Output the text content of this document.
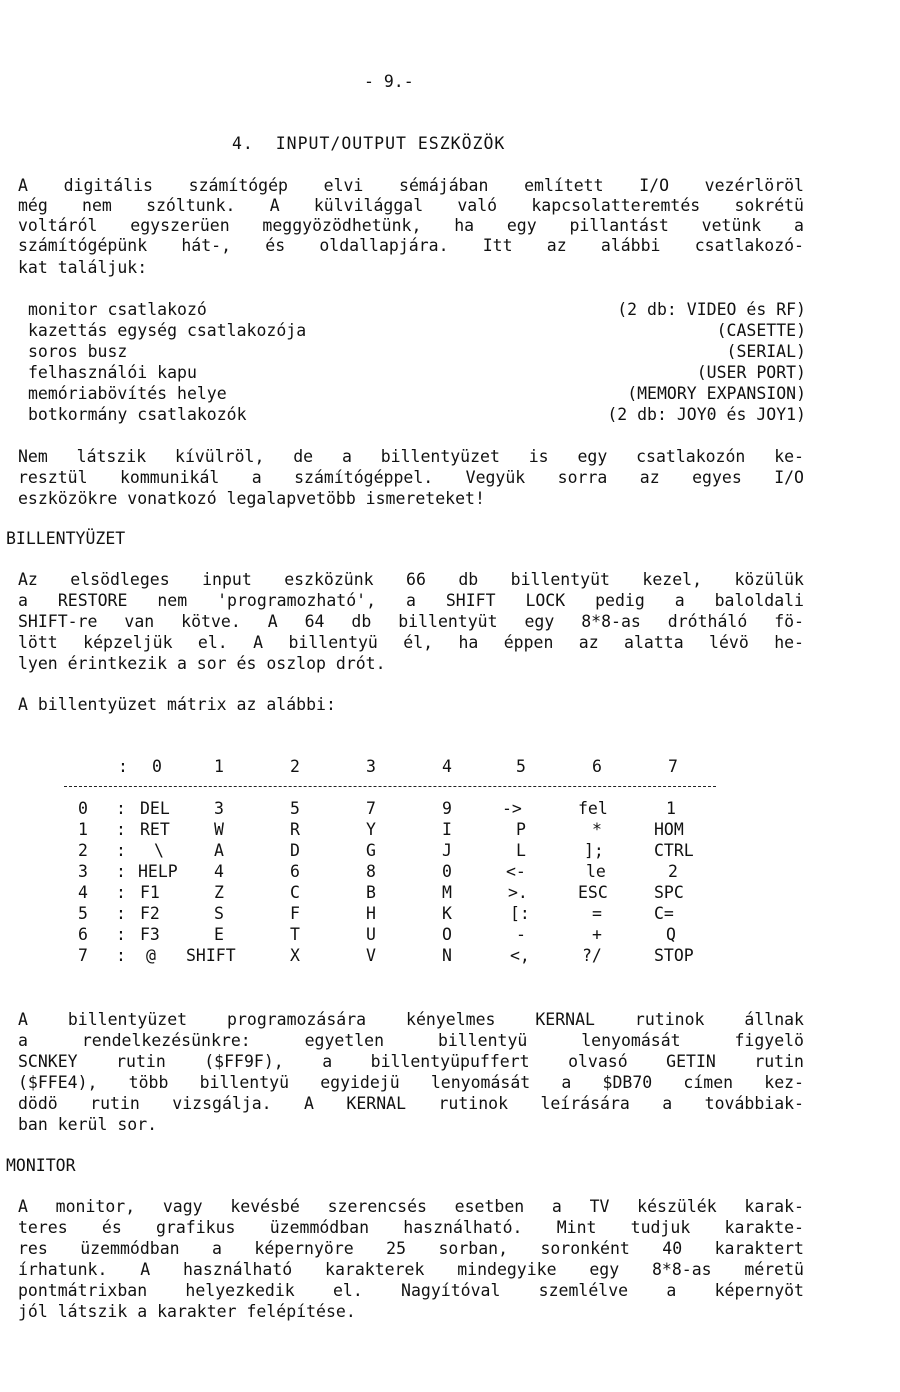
- 9.-
4.  INPUT/OUTPUT ESZKÖZÖK
A digitális számítógép elvi sémájában említett I/O vezérlöröl
még nem szóltunk. A külvilággal való kapcsolatteremtés sokrétü
voltáról egyszerüen meggyözödhetünk, ha egy pillantást vetünk a
számítógépünk hát-, és oldallapjára. Itt az alábbi csatlakozó-
kat találjuk:
monitor csatlakozó	(2 db: VIDEO és RF)
kazettás egység csatlakozója	(CASETTE)
soros busz	(SERIAL)
felhasználói kapu	(USER PORT)
memóriabövítés helye	(MEMORY EXPANSION)
botkormány csatlakozók	(2 db: JOY0 és JOY1)
Nem látszik kívülröl, de a billentyüzet is egy csatlakozón ke-
resztül kommunikál a számítógéppel. Vegyük sorra az egyes I/O
eszközökre vonatkozó legalapvetöbb ismereteket!
BILLENTYÜZET
Az elsödleges input eszközünk 66 db billentyüt kezel, közülük
a RESTORE nem 'programozható', a SHIFT LOCK pedig a baloldali
SHIFT-re van kötve. A 64 db billentyüt egy 8*8-as drótháló fö-
lött képzeljük el. A billentyü él, ha éppen az alatta lévö he-
lyen érintkezik a sor és oszlop drót.
A billentyüzet mátrix az alábbi:
: 0	1	2	3	4	5	6	7
0 : DEL	3	5	7	9	->	fel	1
1 : RET	W	R	Y	I	P	*	HOM
2 : \	A	D	G	J	L	];	CTRL
3 : HELP 4	6	8	0	<-	le	2
4 : F1	Z	C	B	M	>.	ESC	SPC
5 : F2	S	F	H	K	[:	=	C=
6 : F3	E	T	U	O	-	+	Q
7 : @ SHIFT	X	V	N	<,	?/	STOP
A billentyüzet programozására kényelmes KERNAL rutinok állnak
a rendelkezésünkre: egyetlen billentyü lenyomását figyelö
SCNKEY rutin ($FF9F), a billentyüpuffert olvasó GETIN rutin
($FFE4), több billentyü egyidejü lenyomását a $DB70 címen kez-
dödö rutin vizsgálja. A KERNAL rutinok leírására a továbbiak-
ban kerül sor.
MONITOR
A monitor, vagy kevésbé szerencsés esetben a TV készülék karak-
teres és grafikus üzemmódban használható. Mint tudjuk karakte-
res üzemmódban a képernyöre 25 sorban, soronként 40 karaktert
írhatunk. A használható karakterek mindegyike egy 8*8-as méretü
pontmátrixban helyezkedik el. Nagyítóval szemlélve a képernyöt
jól látszik a karakter felépítése.
